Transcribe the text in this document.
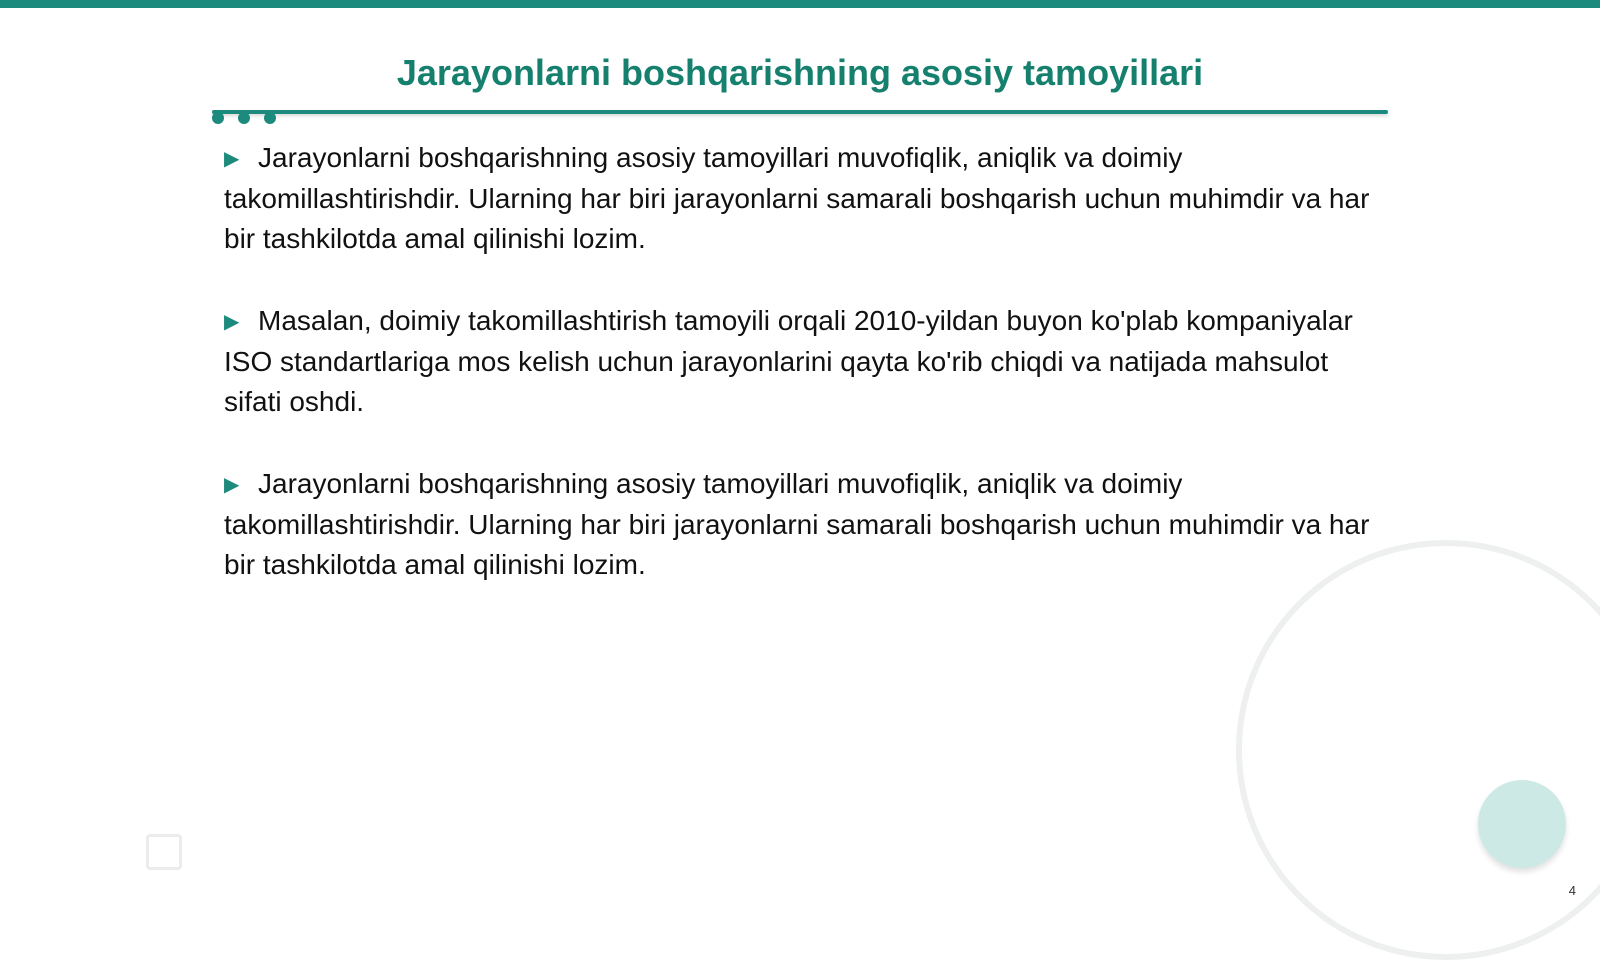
Jarayonlarni boshqarishning asosiy tamoyillari

▶ Jarayonlarni boshqarishning asosiy tamoyillari muvofiqlik, aniqlik va doimiy takomillashtirishdir. Ularning har biri jarayonlarni samarali boshqarish uchun muhimdir va har bir tashkilotda amal qilinishi lozim.

▶ Masalan, doimiy takomillashtirish tamoyili orqali 2010-yildan buyon ko'plab kompaniyalar ISO standartlariga mos kelish uchun jarayonlarini qayta ko'rib chiqdi va natijada mahsulot sifati oshdi.

▶ Jarayonlarni boshqarishning asosiy tamoyillari muvofiqlik, aniqlik va doimiy takomillashtirishdir. Ularning har biri jarayonlarni samarali boshqarish uchun muhimdir va har bir tashkilotda amal qilinishi lozim.

4
